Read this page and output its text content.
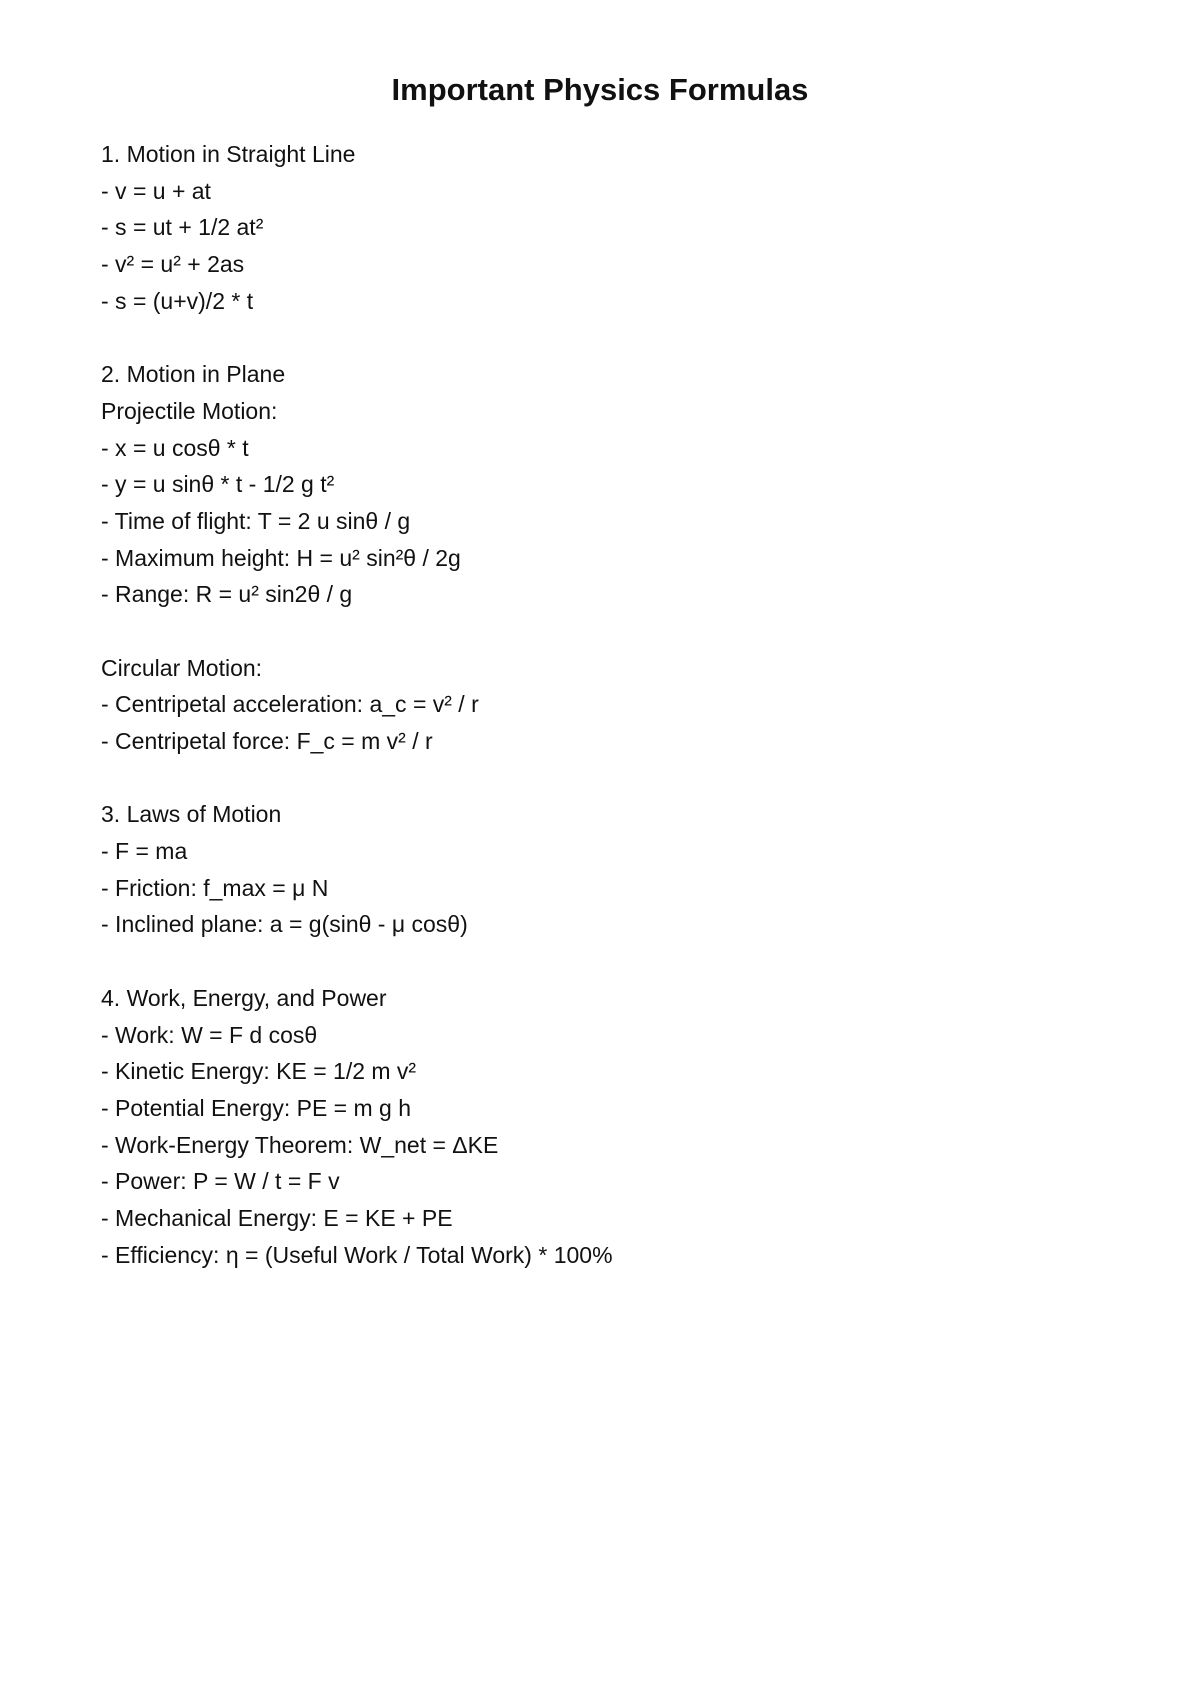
Important Physics Formulas
1. Motion in Straight Line
- v = u + at
- s = ut + 1/2 at²
- v² = u² + 2as
- s = (u+v)/2 * t
2. Motion in Plane
Projectile Motion:
- x = u cosθ * t
- y = u sinθ * t - 1/2 g t²
- Time of flight: T = 2 u sinθ / g
- Maximum height: H = u² sin²θ / 2g
- Range: R = u² sin2θ / g
Circular Motion:
- Centripetal acceleration: a_c = v² / r
- Centripetal force: F_c = m v² / r
3. Laws of Motion
- F = ma
- Friction: f_max = μ N
- Inclined plane: a = g(sinθ - μ cosθ)
4. Work, Energy, and Power
- Work: W = F d cosθ
- Kinetic Energy: KE = 1/2 m v²
- Potential Energy: PE = m g h
- Work-Energy Theorem: W_net = ΔKE
- Power: P = W / t = F v
- Mechanical Energy: E = KE + PE
- Efficiency: η = (Useful Work / Total Work) * 100%
